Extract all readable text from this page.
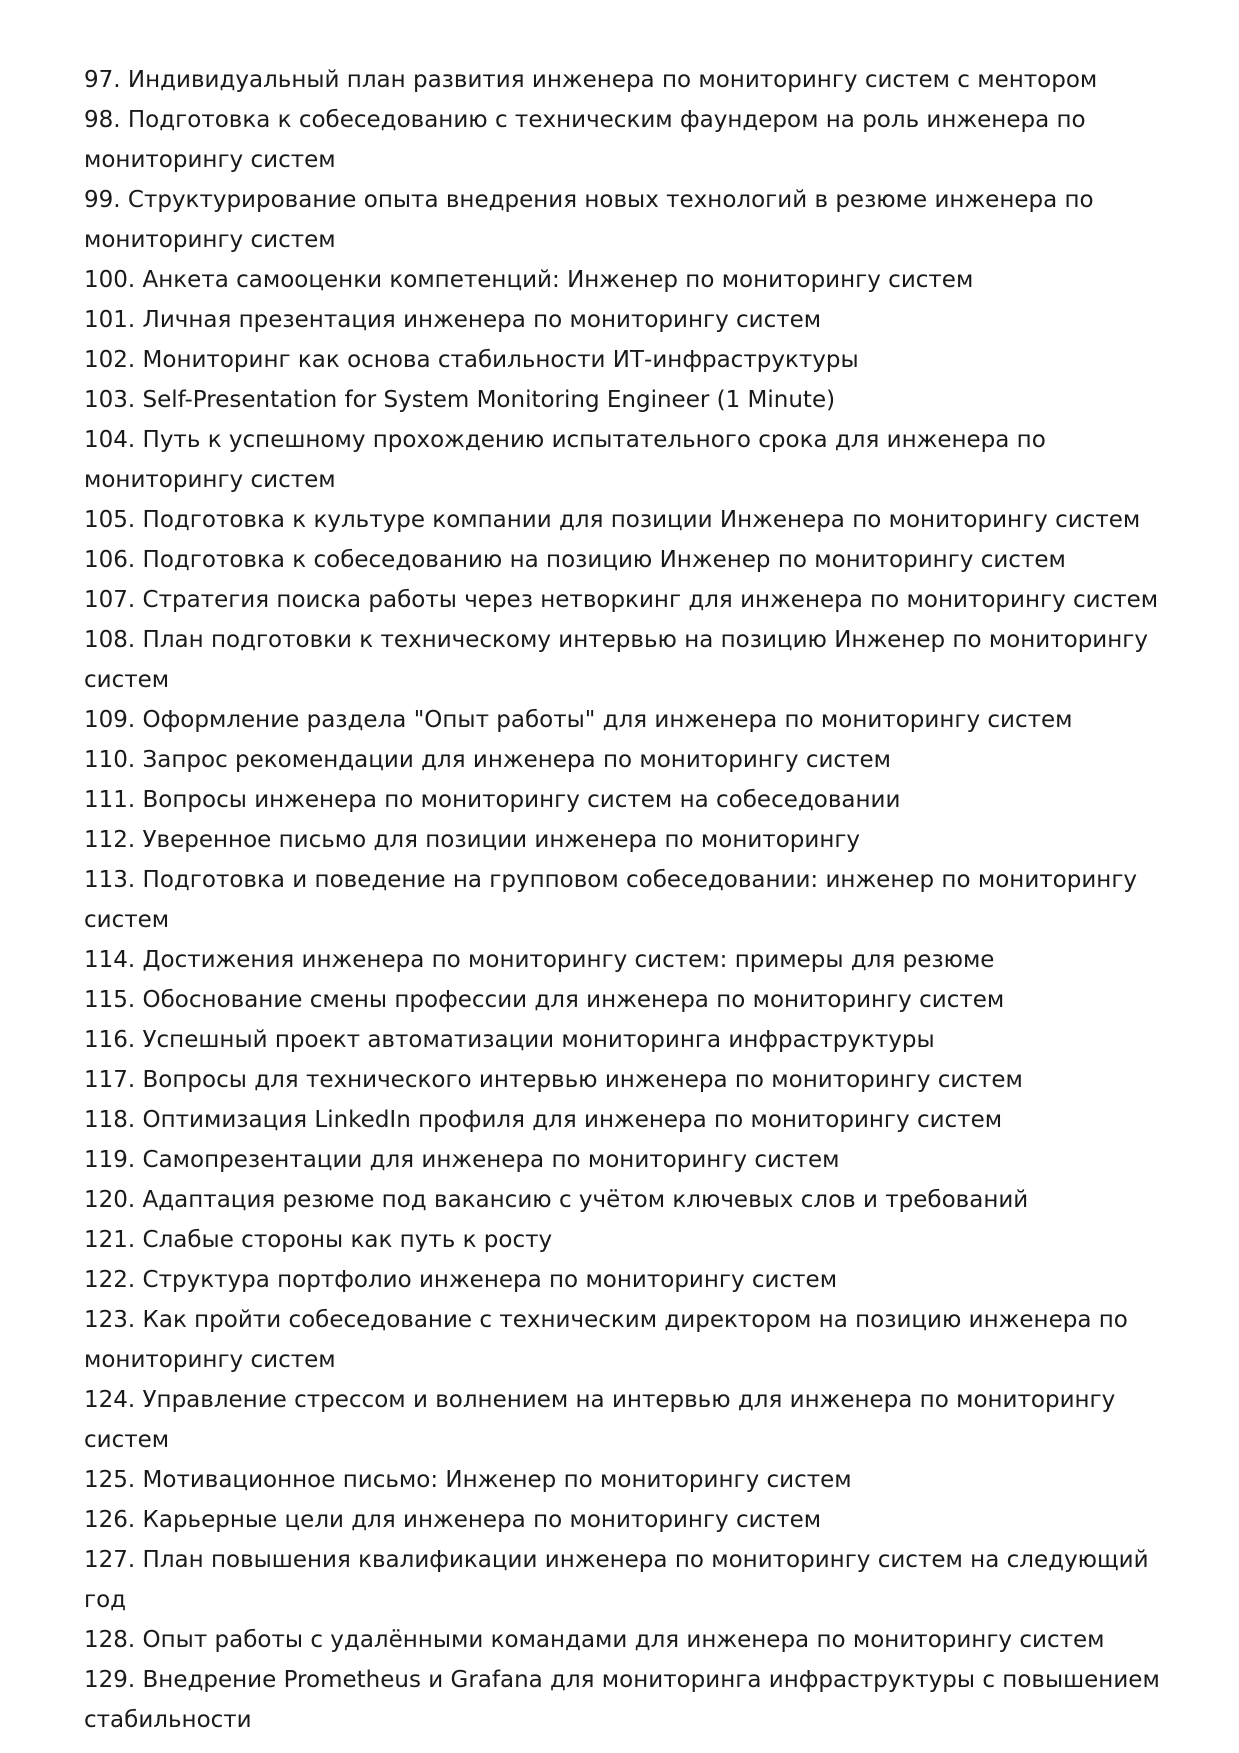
97. Индивидуальный план развития инженера по мониторингу систем с ментором
98. Подготовка к собеседованию с техническим фаундером на роль инженера по мониторингу систем
99. Структурирование опыта внедрения новых технологий в резюме инженера по мониторингу систем
100. Анкета самооценки компетенций: Инженер по мониторингу систем
101. Личная презентация инженера по мониторингу систем
102. Мониторинг как основа стабильности ИТ-инфраструктуры
103. Self-Presentation for System Monitoring Engineer (1 Minute)
104. Путь к успешному прохождению испытательного срока для инженера по мониторингу систем
105. Подготовка к культуре компании для позиции Инженера по мониторингу систем
106. Подготовка к собеседованию на позицию Инженер по мониторингу систем
107. Стратегия поиска работы через нетворкинг для инженера по мониторингу систем
108. План подготовки к техническому интервью на позицию Инженер по мониторингу систем
109. Оформление раздела "Опыт работы" для инженера по мониторингу систем
110. Запрос рекомендации для инженера по мониторингу систем
111. Вопросы инженера по мониторингу систем на собеседовании
112. Уверенное письмо для позиции инженера по мониторингу
113. Подготовка и поведение на групповом собеседовании: инженер по мониторингу систем
114. Достижения инженера по мониторингу систем: примеры для резюме
115. Обоснование смены профессии для инженера по мониторингу систем
116. Успешный проект автоматизации мониторинга инфраструктуры
117. Вопросы для технического интервью инженера по мониторингу систем
118. Оптимизация LinkedIn профиля для инженера по мониторингу систем
119. Самопрезентации для инженера по мониторингу систем
120. Адаптация резюме под вакансию с учётом ключевых слов и требований
121. Слабые стороны как путь к росту
122. Структура портфолио инженера по мониторингу систем
123. Как пройти собеседование с техническим директором на позицию инженера по мониторингу систем
124. Управление стрессом и волнением на интервью для инженера по мониторингу систем
125. Мотивационное письмо: Инженер по мониторингу систем
126. Карьерные цели для инженера по мониторингу систем
127. План повышения квалификации инженера по мониторингу систем на следующий год
128. Опыт работы с удалёнными командами для инженера по мониторингу систем
129. Внедрение Prometheus и Grafana для мониторинга инфраструктуры с повышением стабильности
